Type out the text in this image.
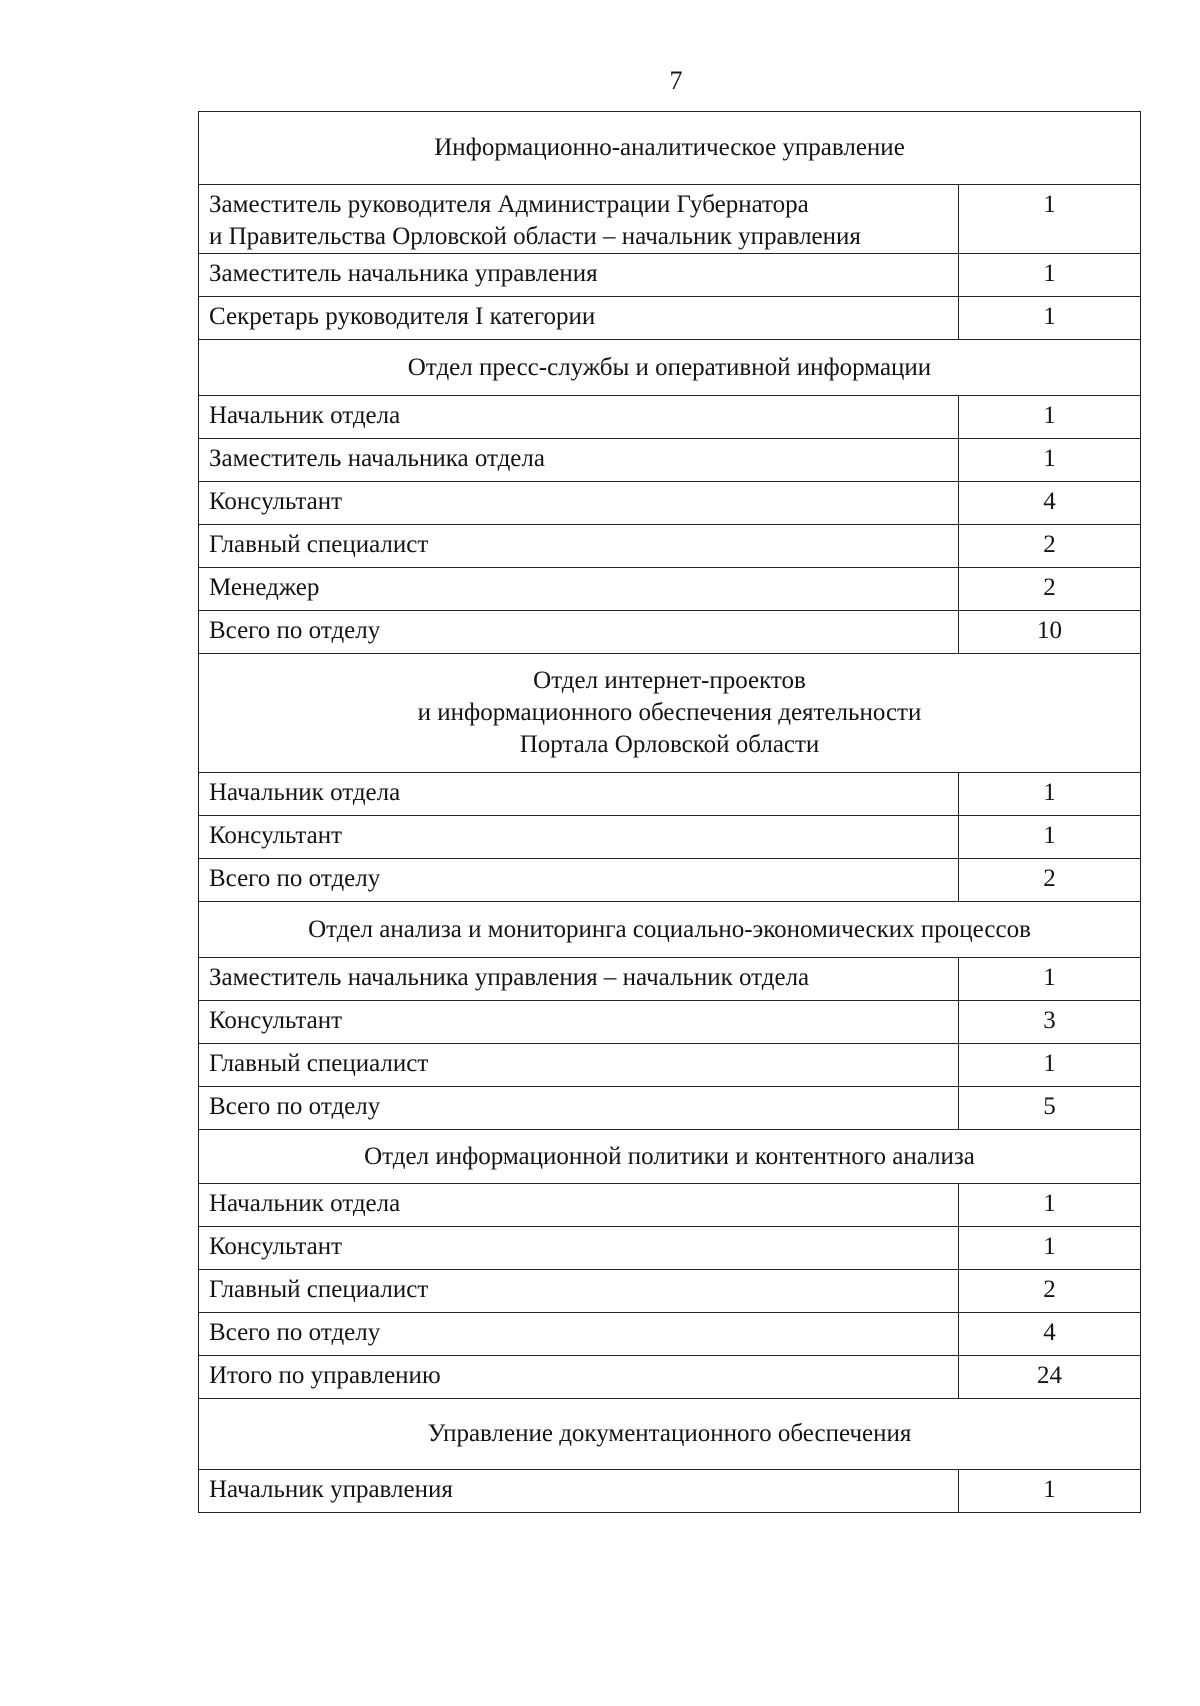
7
Информационно-аналитическое управление	
Заместитель руководителя Администрации Губернатора
и Правительства Орловской области – начальник управления	1
Заместитель начальника управления	1
Секретарь руководителя I категории	1
Отдел пресс-службы и оперативной информации	
Начальник отдела	1
Заместитель начальника отдела	1
Консультант	4
Главный специалист	2
Менеджер	2
Всего по отделу	10
Отдел интернет-проектов
и информационного обеспечения деятельности
Портала Орловской области	
Начальник отдела	1
Консультант	1
Всего по отделу	2
Отдел анализа и мониторинга социально-экономических процессов	
Заместитель начальника управления – начальник отдела	1
Консультант	3
Главный специалист	1
Всего по отделу	5
Отдел информационной политики и контентного анализа	
Начальник отдела	1
Консультант	1
Главный специалист	2
Всего по отделу	4
Итого по управлению	24
Управление документационного обеспечения	
Начальник управления	1
